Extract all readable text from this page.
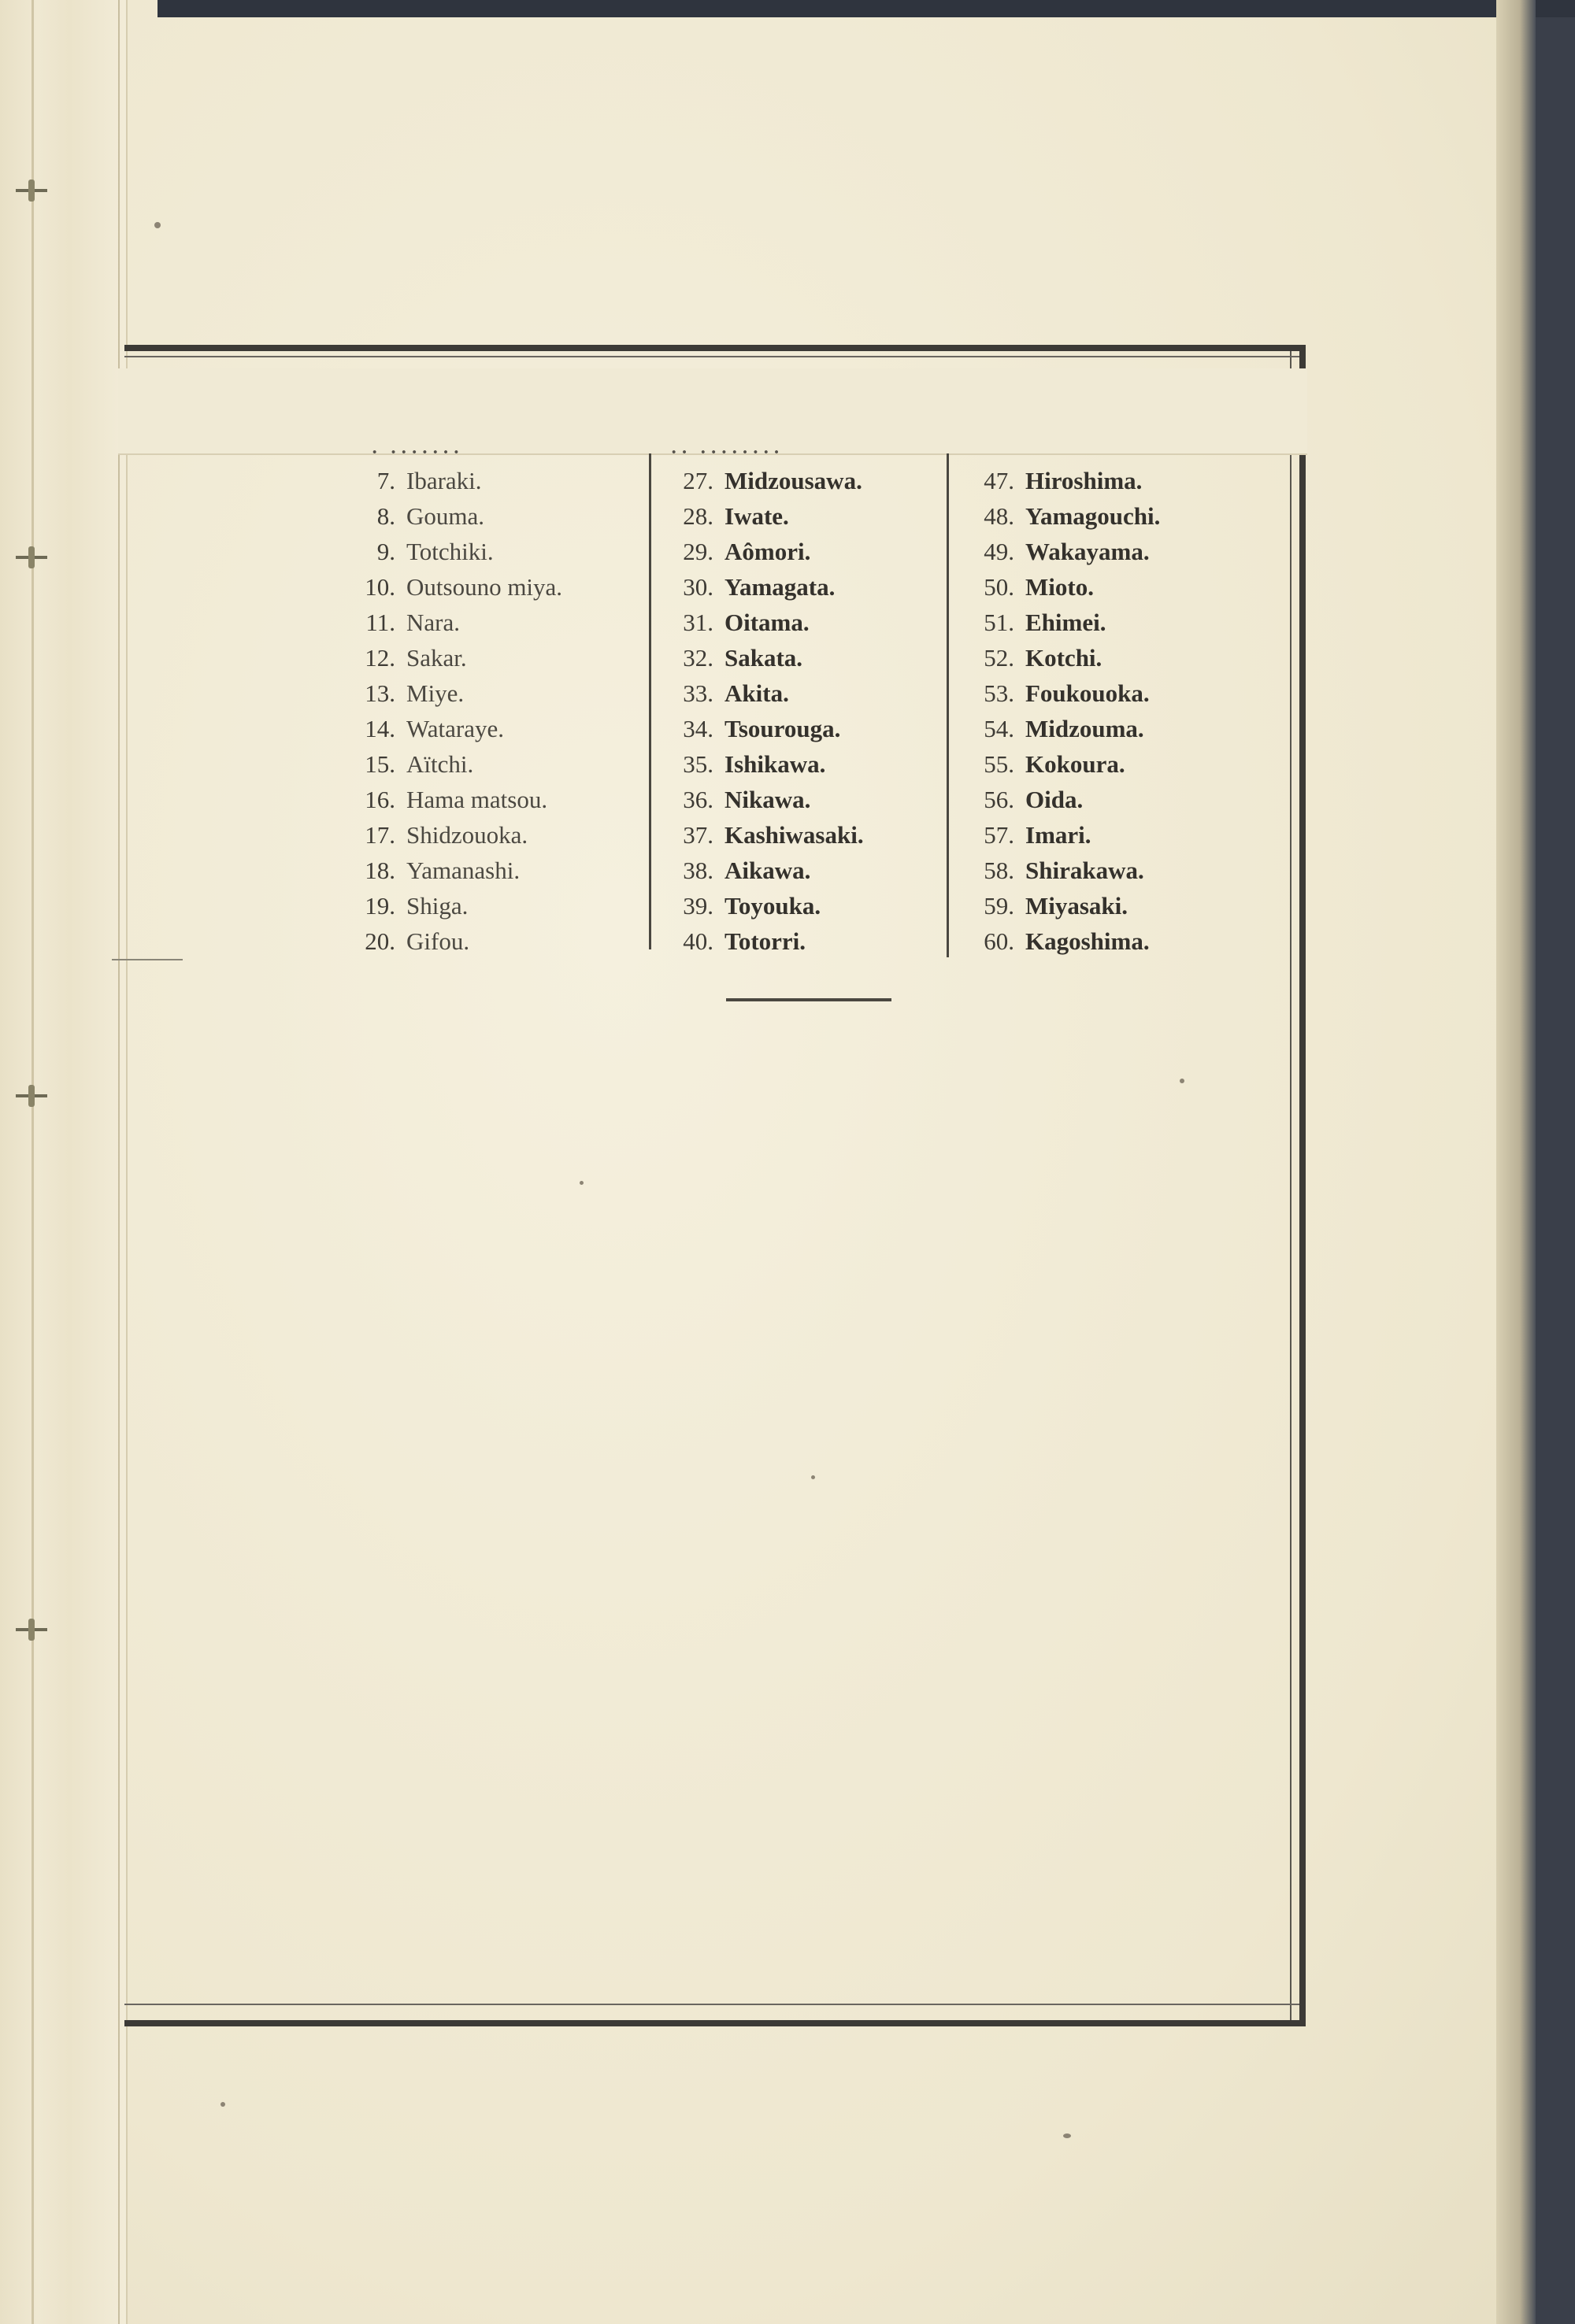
· ·······	·· ········
7. Ibaraki.
8. Gouma.
9. Totchiki.
10. Outsouno miya.
11. Nara.
12. Sakar.
13. Miye.
14. Wataraye.
15. Aïtchi.
16. Hama matsou.
17. Shidzouoka.
18. Yamanashi.
19. Shiga.
20. Gifou.
27. Midzousawa.
28. Iwate.
29. Aômori.
30. Yamagata.
31. Oitama.
32. Sakata.
33. Akita.
34. Tsourouga.
35. Ishikawa.
36. Nikawa.
37. Kashiwasaki.
38. Aikawa.
39. Toyouka.
40. Totorri.
47. Hiroshima.
48. Yamagouchi.
49. Wakayama.
50. Mioto.
51. Ehimei.
52. Kotchi.
53. Foukouoka.
54. Midzouma.
55. Kokoura.
56. Oida.
57. Imari.
58. Shirakawa.
59. Miyasaki.
60. Kagoshima.
